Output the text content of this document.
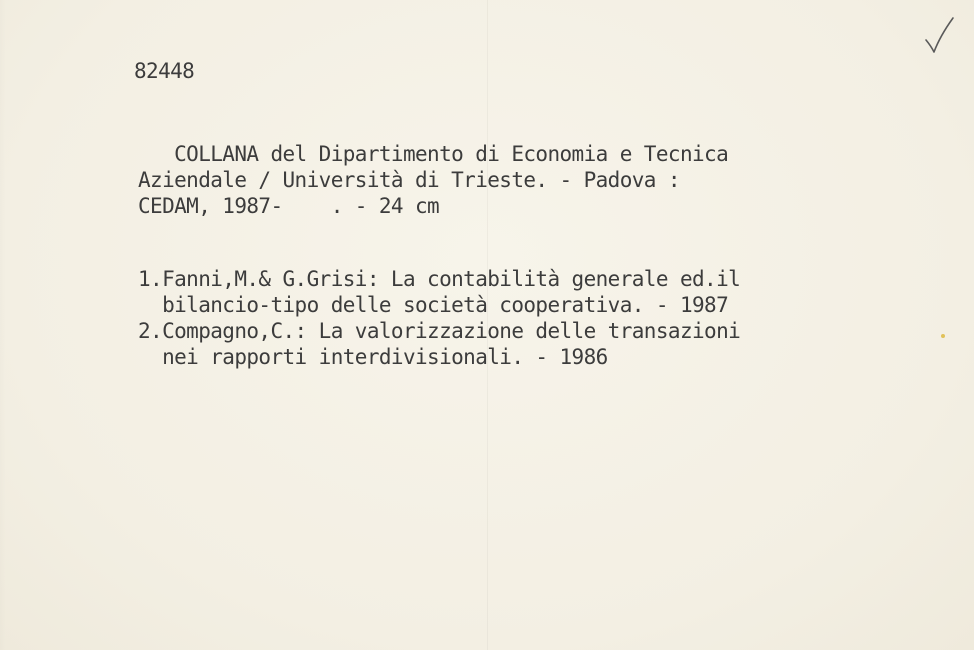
82448
COLLANA del Dipartimento di Economia e Tecnica
Aziendale / Università di Trieste. - Padova :
CEDAM, 1987-    . - 24 cm
1.Fanni,M.& G.Grisi: La contabilità generale ed.il
bilancio-tipo delle società cooperativa. - 1987
2.Compagno,C.: La valorizzazione delle transazioni
nei rapporti interdivisionali. - 1986
